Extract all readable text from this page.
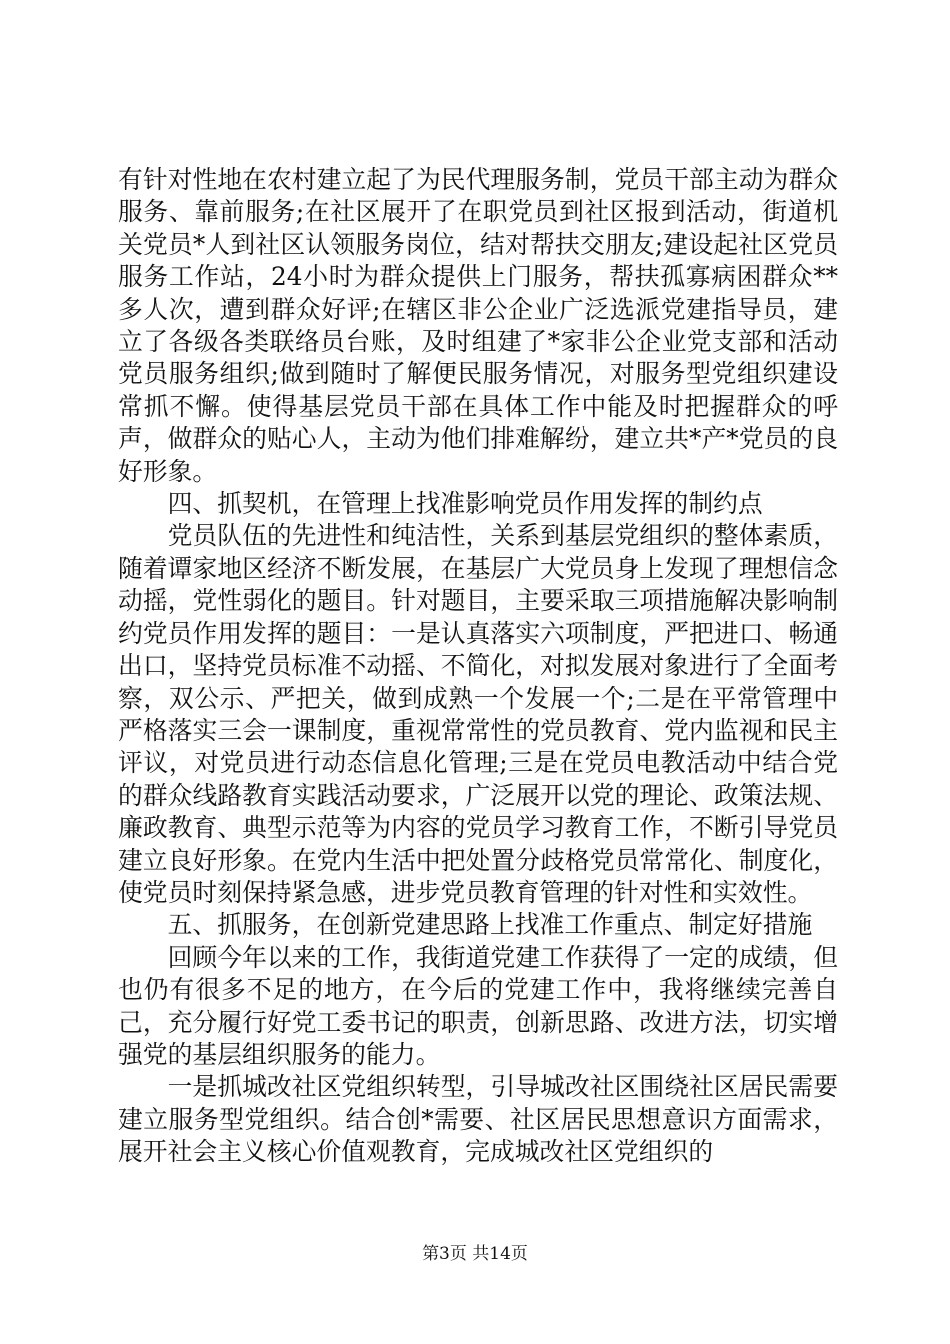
有针对性地在农村建立起了为民代理服务制，党员干部主动为群众服务、靠前服务;在社区展开了在职党员到社区报到活动，街道机关党员*人到社区认领服务岗位，结对帮扶交朋友;建设起社区党员服务工作站，24小时为群众提供上门服务，帮扶孤寡病困群众**多人次，遭到群众好评;在辖区非公企业广泛选派党建指导员，建立了各级各类联络员台账，及时组建了*家非公企业党支部和活动党员服务组织;做到随时了解便民服务情况，对服务型党组织建设常抓不懈。使得基层党员干部在具体工作中能及时把握群众的呼声，做群众的贴心人，主动为他们排难解纷，建立共*产*党员的良好形象。

四、抓契机，在管理上找准影响党员作用发挥的制约点

党员队伍的先进性和纯洁性，关系到基层党组织的整体素质，随着谭家地区经济不断发展，在基层广大党员身上发现了理想信念动摇，党性弱化的题目。针对题目，主要采取三项措施解决影响制约党员作用发挥的题目：一是认真落实六项制度，严把进口、畅通出口，坚持党员标准不动摇、不简化，对拟发展对象进行了全面考察，双公示、严把关，做到成熟一个发展一个;二是在平常管理中严格落实三会一课制度，重视常常性的党员教育、党内监视和民主评议，对党员进行动态信息化管理;三是在党员电教活动中结合党的群众线路教育实践活动要求，广泛展开以党的理论、政策法规、廉政教育、典型示范等为内容的党员学习教育工作，不断引导党员建立良好形象。在党内生活中把处置分歧格党员常常化、制度化，使党员时刻保持紧急感，进步党员教育管理的针对性和实效性。

五、抓服务，在创新党建思路上找准工作重点、制定好措施

回顾今年以来的工作，我街道党建工作获得了一定的成绩，但也仍有很多不足的地方，在今后的党建工作中，我将继续完善自己，充分履行好党工委书记的职责，创新思路、改进方法，切实增强党的基层组织服务的能力。

一是抓城改社区党组织转型，引导城改社区围绕社区居民需要建立服务型党组织。结合创*需要、社区居民思想意识方面需求，展开社会主义核心价值观教育，完成城改社区党组织的

第3页 共14页
